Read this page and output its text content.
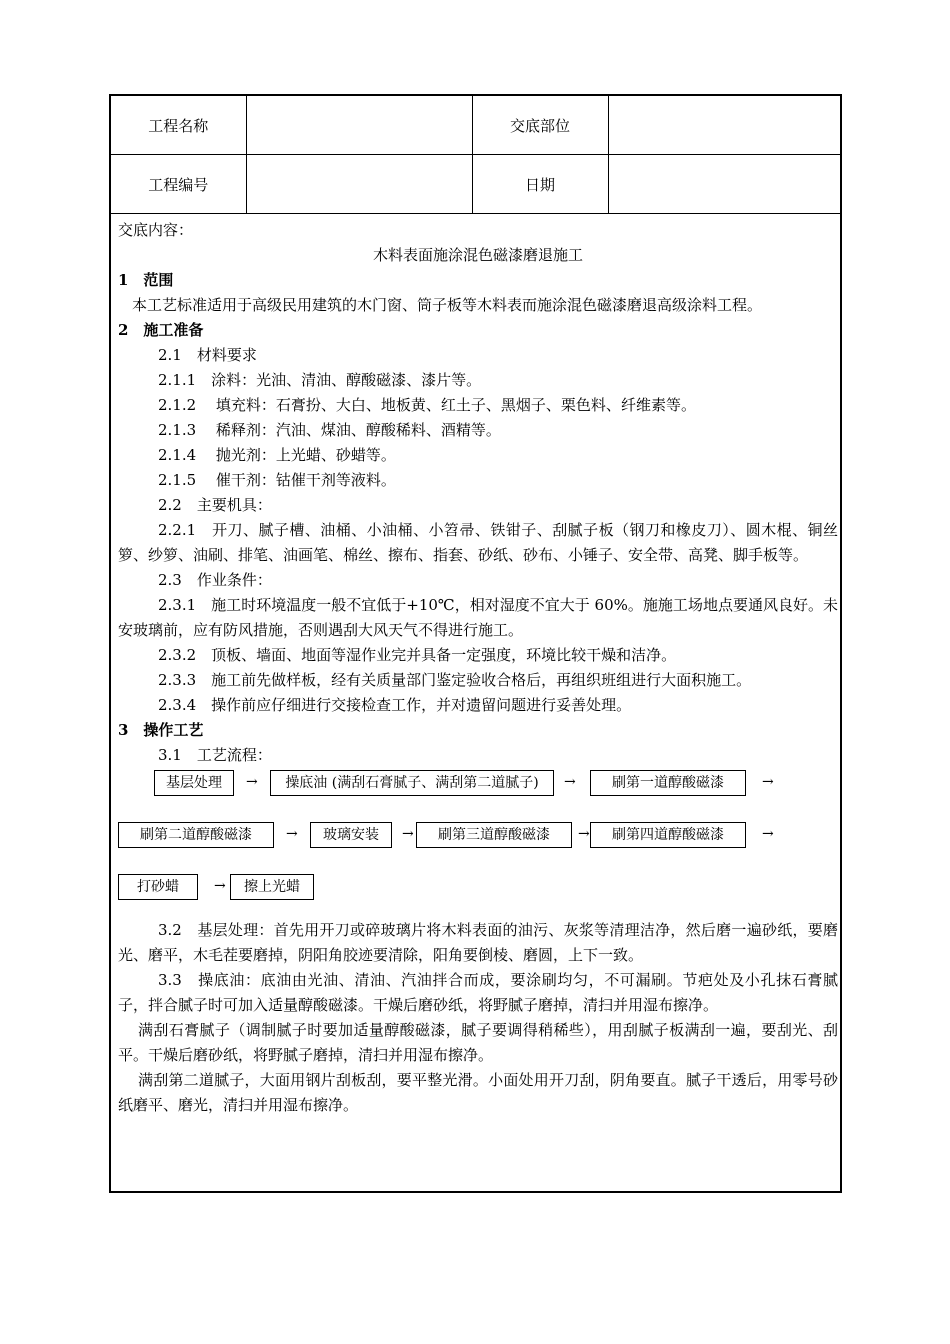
工程名称		交底部位	
工程编号		日期	
交底内容：
木料表面施涂混色磁漆磨退施工
1　范围
本工艺标准适用于高级民用建筑的木门窗、筒子板等木料表而施涂混色磁漆磨退高级涂料工程。
2　施工准备
2.1　材料要求
2.1.1　涂料：光油、清油、醇酸磁漆、漆片等。
2.1.2　 填充料：石膏扮、大白、地板黄、红土子、黑烟子、栗色料、纤维素等。
2.1.3　 稀释剂：汽油、煤油、醇酸稀料、酒精等。
2.1.4　 抛光剂：上光蜡、砂蜡等。
2.1.5　 催干剂：钴催干剂等液料。
2.2　主要机具：
2.2.1　开刀、腻子槽、油桶、小油桶、小笤帚、铁钳子、刮腻子板（钢刀和橡皮刀）、圆木棍、铜丝箩、纱箩、油刷、排笔、油画笔、棉丝、擦布、指套、砂纸、砂布、小锤子、安全带、高凳、脚手板等。
2.3　作业条件：
2.3.1　施工时环境温度一般不宜低于+10℃，相对湿度不宜大于 60%。施施工场地点要通风良好。未安玻璃前，应有防风措施，否则遇刮大风天气不得进行施工。
2.3.2　顶板、墙面、地面等湿作业完并具备一定强度，环境比较干燥和洁净。
2.3.3　施工前先做样板，经有关质量部门鉴定验收合格后，再组织班组进行大面积施工。
2.3.4　操作前应仔细进行交接检查工作，并对遗留问题进行妥善处理。
3　操作工艺
3.1　工艺流程：
基层处理	→	操底油 (满刮石膏腻子、满刮第二道腻子)	→	刷第一道醇酸磁漆	→
刷第二道醇酸磁漆	→	玻璃安装	→	刷第三道醇酸磁漆	→	刷第四道醇酸磁漆	→
打砂蜡	→	擦上光蜡
3.2　基层处理：首先用开刀或碎玻璃片将木料表面的油污、灰浆等清理洁净，然后磨一遍砂纸，要磨光、磨平，木毛茬要磨掉，阴阳角胶迹要清除，阳角要倒棱、磨圆，上下一致。
3.3　操底油：底油由光油、清油、汽油拌合而成，要涂刷均匀，不可漏刷。节疤处及小孔抹石膏腻子，拌合腻子时可加入适量醇酸磁漆。干燥后磨砂纸，将野腻子磨掉，清扫并用湿布擦净。
满刮石膏腻子（调制腻子时要加适量醇酸磁漆，腻子要调得稍稀些），用刮腻子板满刮一遍，要刮光、刮平。干燥后磨砂纸，将野腻子磨掉，清扫并用湿布擦净。
满刮第二道腻子，大面用钢片刮板刮，要平整光滑。小面处用开刀刮，阴角要直。腻子干透后，用零号砂纸磨平、磨光，清扫并用湿布擦净。
